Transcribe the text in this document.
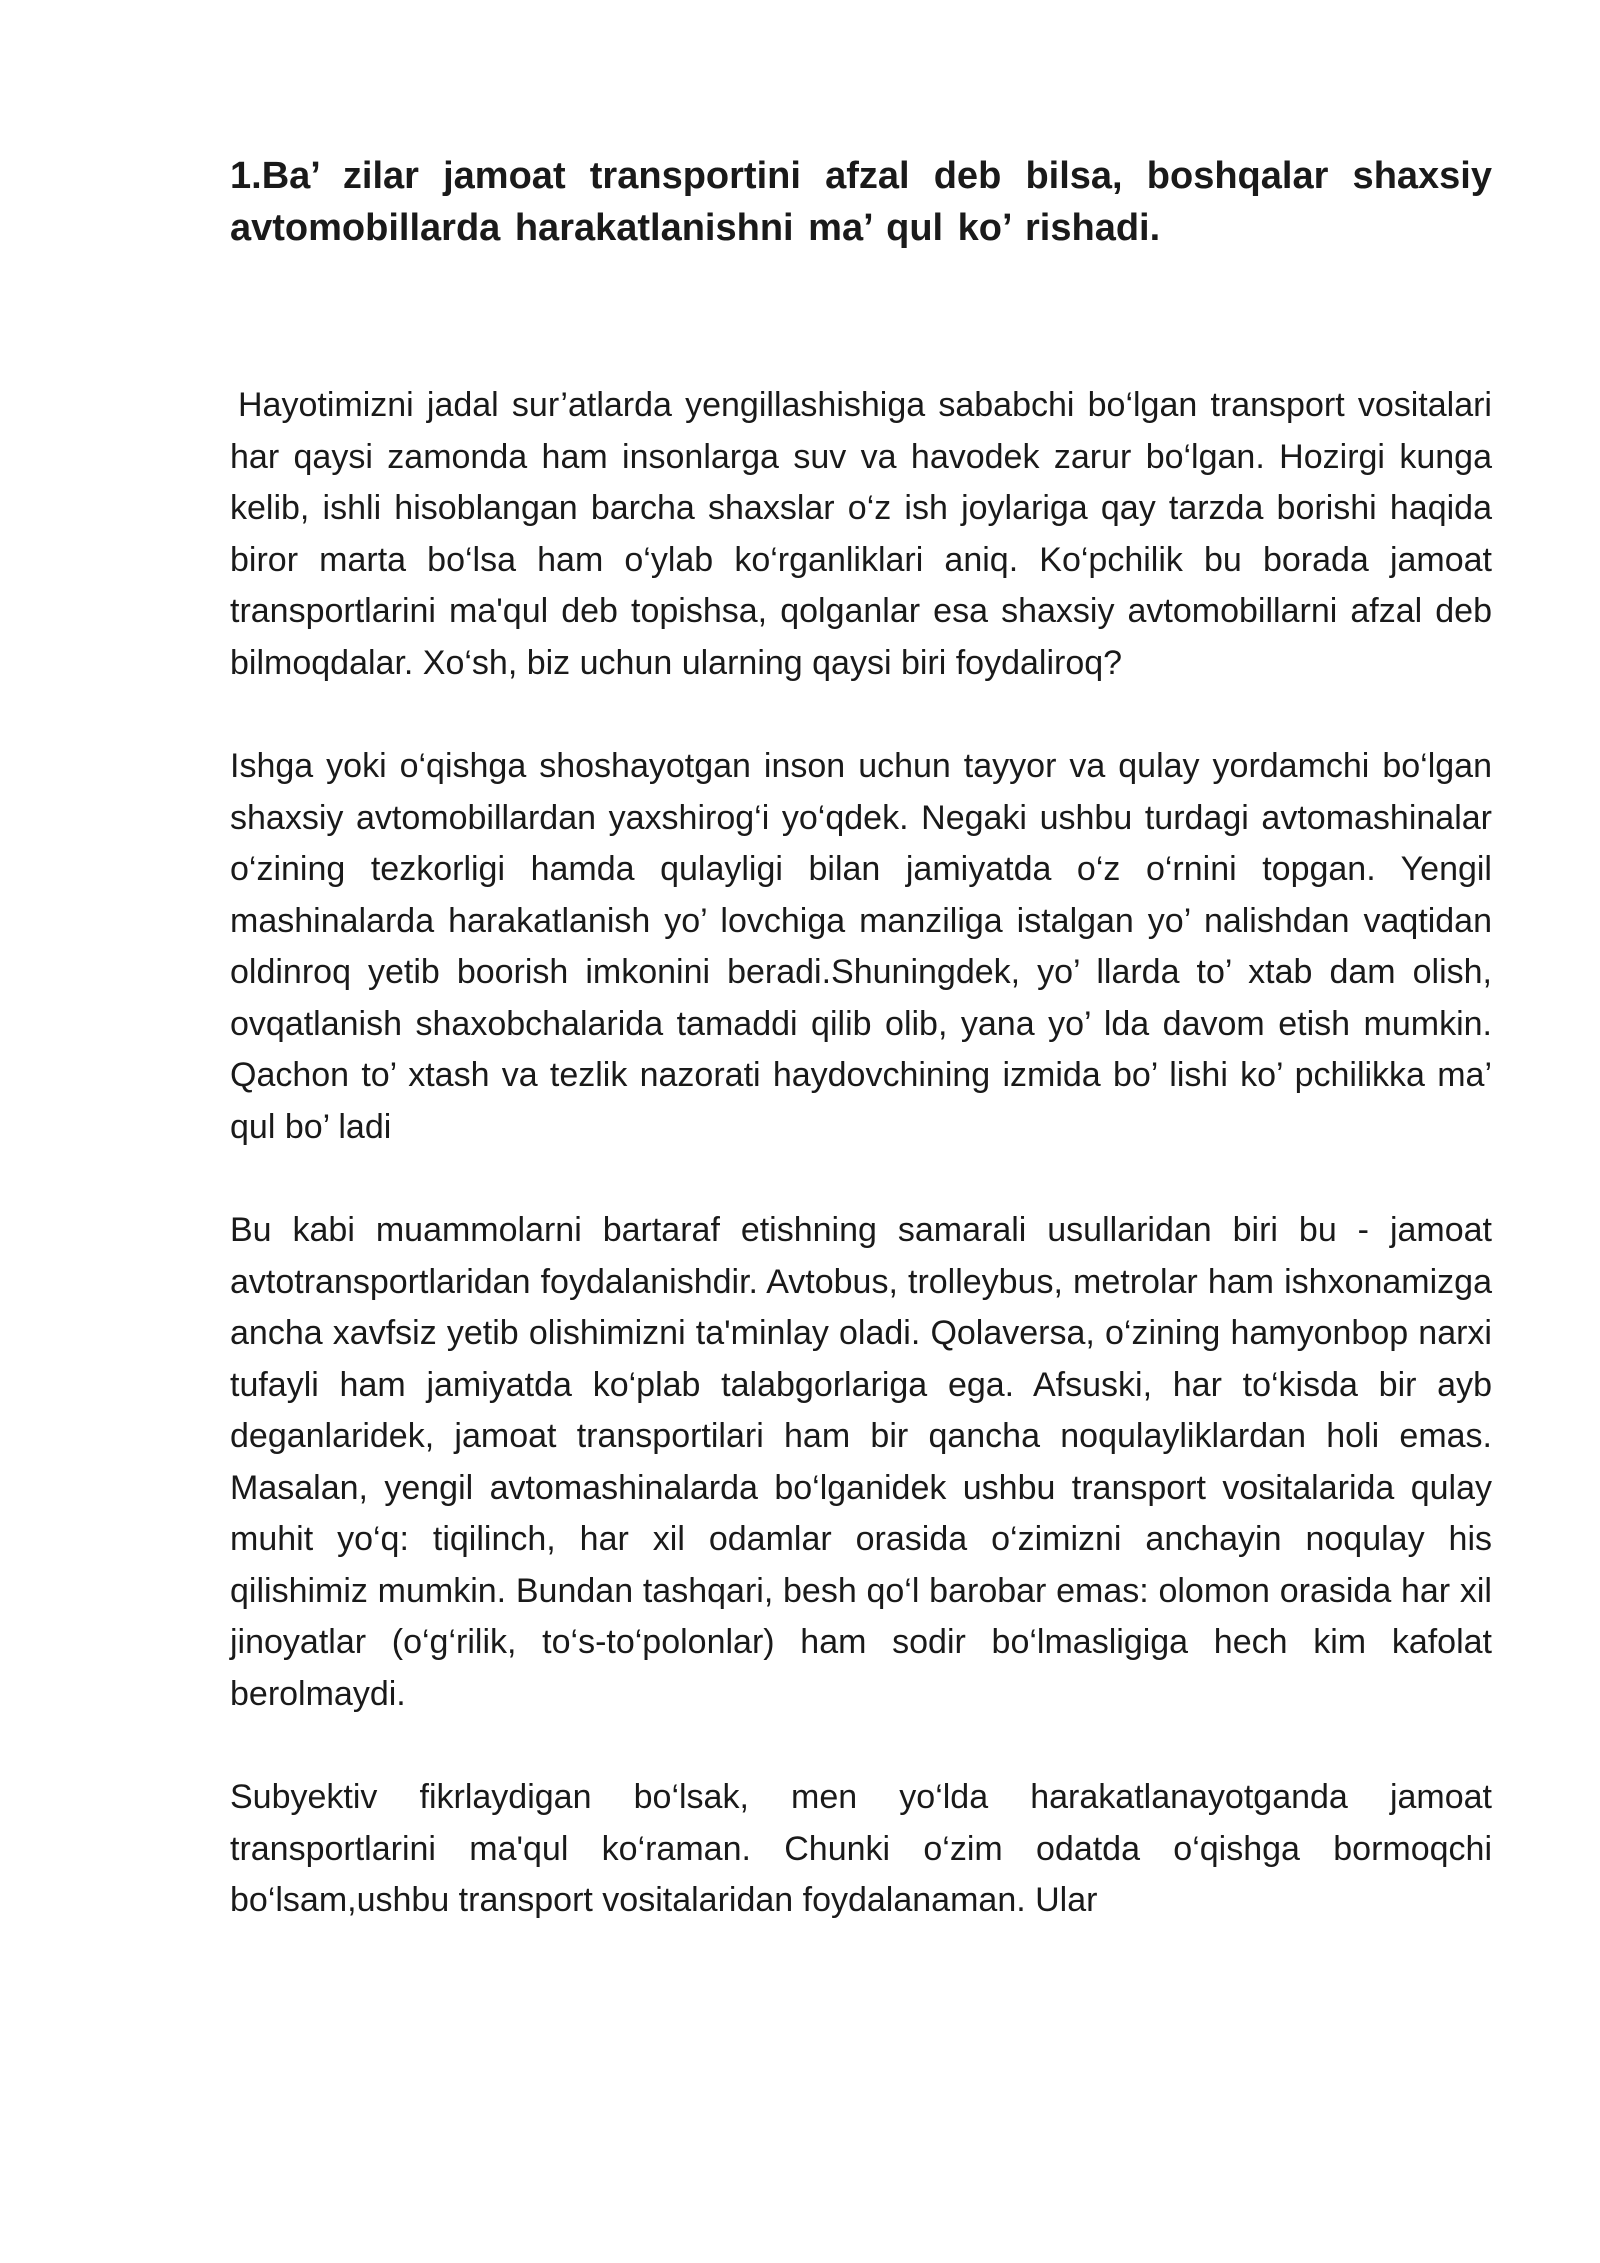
1.Ba’ zilar jamoat transportini afzal deb bilsa, boshqalar shaxsiy avtomobillarda harakatlanishni ma’ qul ko’ rishadi.

Hayotimizni jadal sur’atlarda yengillashishiga sababchi bo‘lgan transport vositalari har qaysi zamonda ham insonlarga suv va havodek zarur bo‘lgan. Hozirgi kunga kelib, ishli hisoblangan barcha shaxslar o‘z ish joylariga qay tarzda borishi haqida biror marta bo‘lsa ham o‘ylab ko‘rganliklari aniq. Ko‘pchilik bu borada jamoat transportlarini ma'qul deb topishsa, qolganlar esa shaxsiy avtomobillarni afzal deb bilmoqdalar. Xo‘sh, biz uchun ularning qaysi biri foydaliroq?

Ishga yoki o‘qishga shoshayotgan inson uchun tayyor va qulay yordamchi bo‘lgan shaxsiy avtomobillardan yaxshirog‘i yo‘qdek. Negaki ushbu turdagi avtomashinalar o‘zining tezkorligi hamda qulayligi bilan jamiyatda o‘z o‘rnini topgan. Yengil mashinalarda harakatlanish yo’ lovchiga manziliga istalgan yo’ nalishdan vaqtidan oldinroq yetib boorish imkonini beradi.Shuningdek, yo’ llarda to’ xtab dam olish, ovqatlanish shaxobchalarida tamaddi qilib olib, yana yo’ lda davom etish mumkin. Qachon to’ xtash va tezlik nazorati haydovchining izmida bo’ lishi ko’ pchilikka ma’ qul bo’ ladi

Bu kabi muammolarni bartaraf etishning samarali usullaridan biri bu - jamoat avtotransportlaridan foydalanishdir. Avtobus, trolleybus, metrolar ham ishxonamizga ancha xavfsiz yetib olishimizni ta'minlay oladi. Qolaversa, o‘zining hamyonbop narxi tufayli ham jamiyatda ko‘plab talabgorlariga ega. Afsuski, har to‘kisda bir ayb deganlaridek, jamoat transportilari ham bir qancha noqulayliklardan holi emas. Masalan, yengil avtomashinalarda bo‘lganidek ushbu transport vositalarida qulay muhit yo‘q: tiqilinch, har xil odamlar orasida o‘zimizni anchayin noqulay his qilishimiz mumkin. Bundan tashqari, besh qo‘l barobar emas: olomon orasida har xil jinoyatlar (o‘g‘rilik, to‘s-to‘polonlar) ham sodir bo‘lmasligiga hech kim kafolat berolmaydi.

Subyektiv fikrlaydigan bo‘lsak, men yo‘lda harakatlanayotganda jamoat transportlarini ma'qul ko‘raman. Chunki o‘zim odatda o‘qishga bormoqchi bo‘lsam,ushbu transport vositalaridan foydalanaman. Ular
